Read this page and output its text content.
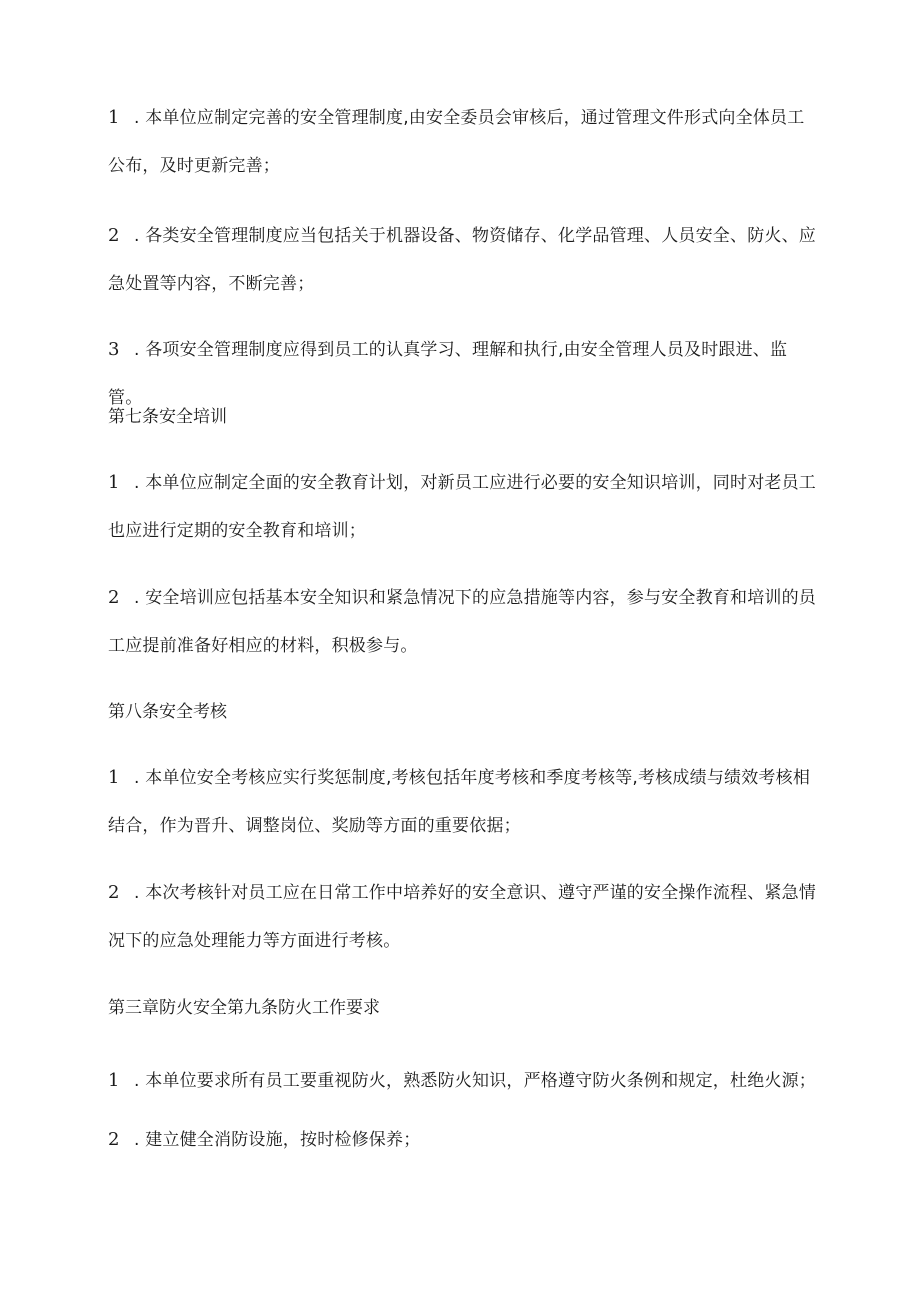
1 . 本单位应制定完善的安全管理制度,由安全委员会审核后，通过管理文件形式向全体员工公布，及时更新完善；

2 . 各类安全管理制度应当包括关于机器设备、物资储存、化学品管理、人员安全、防火、应急处置等内容，不断完善；

3 . 各项安全管理制度应得到员工的认真学习、理解和执行,由安全管理人员及时跟进、监管。

第七条安全培训

1 . 本单位应制定全面的安全教育计划，对新员工应进行必要的安全知识培训，同时对老员工也应进行定期的安全教育和培训；

2 . 安全培训应包括基本安全知识和紧急情况下的应急措施等内容，参与安全教育和培训的员工应提前准备好相应的材料，积极参与。

第八条安全考核

1 . 本单位安全考核应实行奖惩制度,考核包括年度考核和季度考核等,考核成绩与绩效考核相结合，作为晋升、调整岗位、奖励等方面的重要依据；

2 . 本次考核针对员工应在日常工作中培养好的安全意识、遵守严谨的安全操作流程、紧急情况下的应急处理能力等方面进行考核。

第三章防火安全第九条防火工作要求

1 . 本单位要求所有员工要重视防火，熟悉防火知识，严格遵守防火条例和规定，杜绝火源；

2 . 建立健全消防设施，按时检修保养；
